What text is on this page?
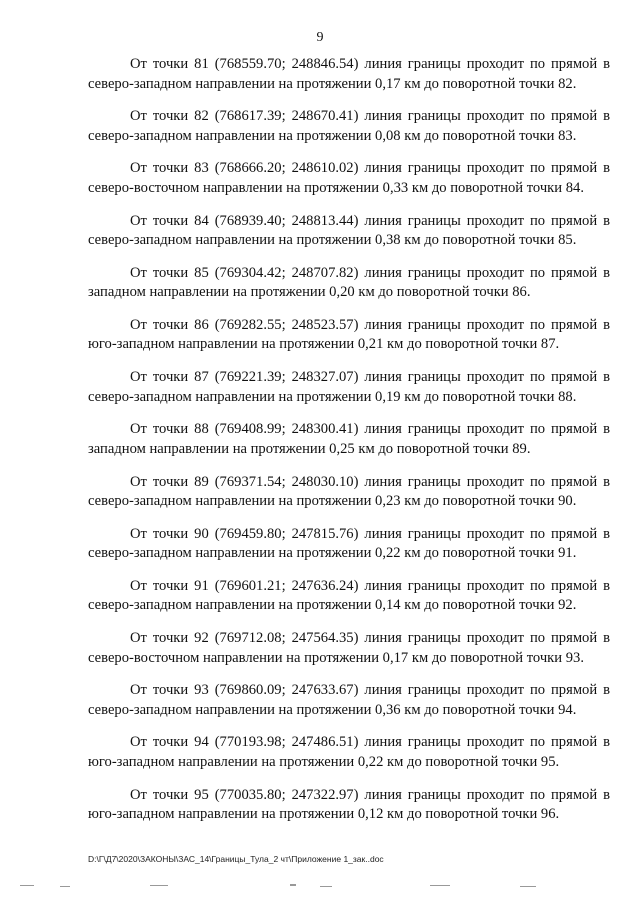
9

От точки 81 (768559.70; 248846.54) линия границы проходит по прямой в северо-западном направлении на протяжении 0,17 км до поворотной точки 82.

От точки 82 (768617.39; 248670.41) линия границы проходит по прямой в северо-западном направлении на протяжении 0,08 км до поворотной точки 83.

От точки 83 (768666.20; 248610.02) линия границы проходит по прямой в северо-восточном направлении на протяжении 0,33 км до поворотной точки 84.

От точки 84 (768939.40; 248813.44) линия границы проходит по прямой в северо-западном направлении на протяжении 0,38 км до поворотной точки 85.

От точки 85 (769304.42; 248707.82) линия границы проходит по прямой в западном направлении на протяжении 0,20 км до поворотной точки 86.

От точки 86 (769282.55; 248523.57) линия границы проходит по прямой в юго-западном направлении на протяжении 0,21 км до поворотной точки 87.

От точки 87 (769221.39; 248327.07) линия границы проходит по прямой в северо-западном направлении на протяжении 0,19 км до поворотной точки 88.

От точки 88 (769408.99; 248300.41) линия границы проходит по прямой в западном направлении на протяжении 0,25 км до поворотной точки 89.

От точки 89 (769371.54; 248030.10) линия границы проходит по прямой в северо-западном направлении на протяжении 0,23 км до поворотной точки 90.

От точки 90 (769459.80; 247815.76) линия границы проходит по прямой в северо-западном направлении на протяжении 0,22 км до поворотной точки 91.

От точки 91 (769601.21; 247636.24) линия границы проходит по прямой в северо-западном направлении на протяжении 0,14 км до поворотной точки 92.

От точки 92 (769712.08; 247564.35) линия границы проходит по прямой в северо-восточном направлении на протяжении 0,17 км до поворотной точки 93.

От точки 93 (769860.09; 247633.67) линия границы проходит по прямой в северо-западном направлении на протяжении 0,36 км до поворотной точки 94.

От точки 94 (770193.98; 247486.51) линия границы проходит по прямой в юго-западном направлении на протяжении 0,22 км до поворотной точки 95.

От точки 95 (770035.80; 247322.97) линия границы проходит по прямой в юго-западном направлении на протяжении 0,12 км до поворотной точки 96.

D:\Г\Д7\2020\ЗАКОНЫ\ЗАС_14\Границы_Тула_2 чт\Приложение 1_зак..doc
